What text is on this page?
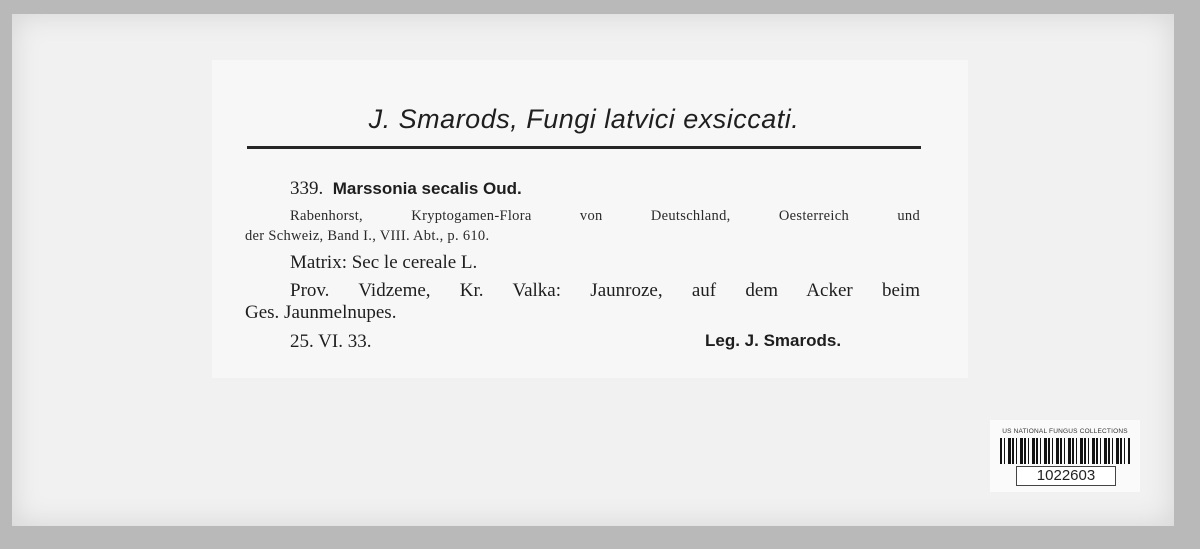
J. Smarods, Fungi latvici exsiccati.
339. Marssonia secalis Oud.
Rabenhorst, Kryptogamen-Flora von Deutschland, Oesterreich und
der Schweiz, Band I., VIII. Abt., p. 610.
Matrix: Sec le cereale L.
Prov. Vidzeme, Kr. Valka: Jaunroze, auf dem Acker beim
Ges. Jaunmelnupes.
25. VI. 33.	Leg. J. Smarods.
US NATIONAL FUNGUS COLLECTIONS
1022603
